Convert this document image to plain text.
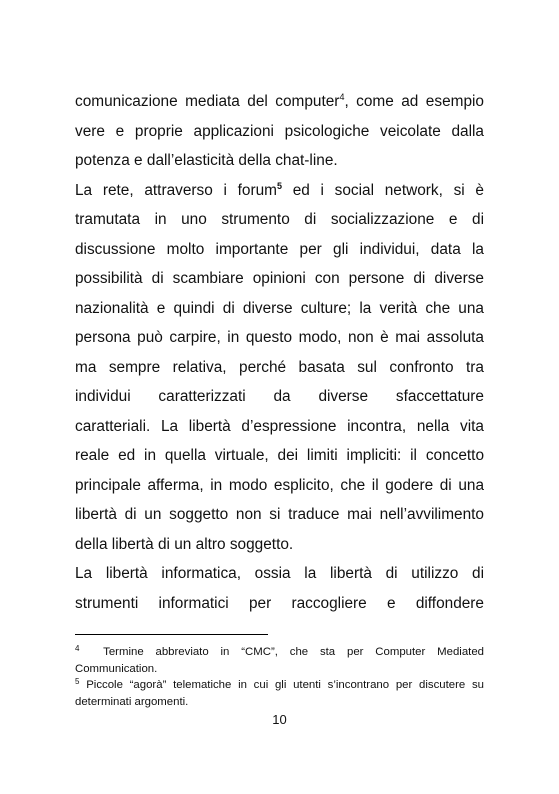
comunicazione mediata del computer$^4$, come ad esempio
vere e proprie applicazioni psicologiche veicolate dalla
potenza e dall’elasticità della chat-line.
La rete, attraverso i forum$^5$ ed i social network, si è
tramutata in uno strumento di socializzazione e di
discussione molto importante per gli individui, data la
possibilità di scambiare opinioni con persone di diverse
nazionalità e quindi di diverse culture; la verità che una
persona può carpire, in questo modo, non è mai assoluta
ma sempre relativa, perché basata sul confronto tra
individui caratterizzati da diverse sfaccettature
caratteriali. La libertà d’espressione incontra, nella vita
reale ed in quella virtuale, dei limiti impliciti: il concetto
principale afferma, in modo esplicito, che il godere di una
libertà di un soggetto non si traduce mai nell’avvilimento
della libertà di un altro soggetto.
La libertà informatica, ossia la libertà di utilizzo di
strumenti informatici per raccogliere e diffondere
$^4$ Termine abbreviato in “CMC”, che sta per Computer Mediated
Communication.
$^5$ Piccole “agorà” telematiche in cui gli utenti s’incontrano per discutere su
determinati argomenti.
10
